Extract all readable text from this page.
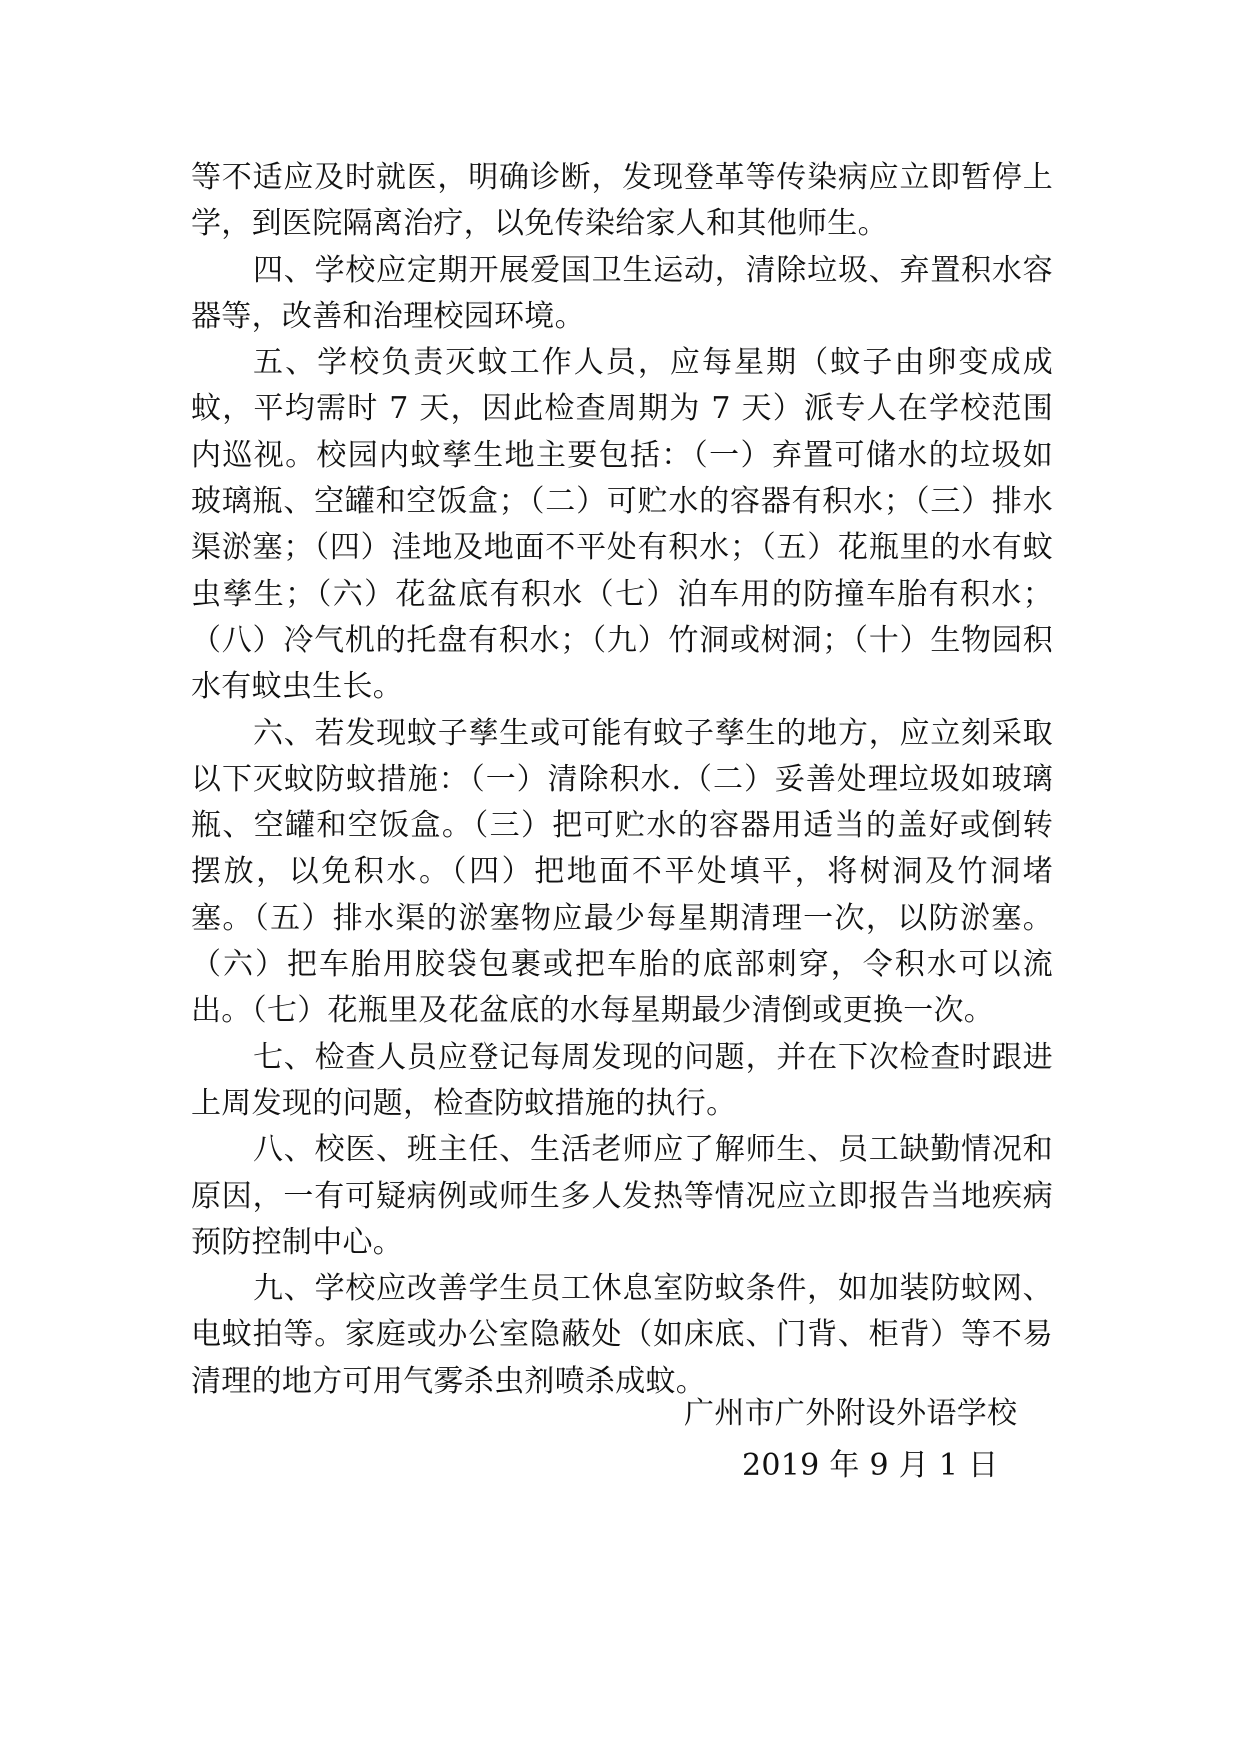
等不适应及时就医，明确诊断，发现登革等传染病应立即暂停上学，到医院隔离治疗，以免传染给家人和其他师生。

四、学校应定期开展爱国卫生运动，清除垃圾、弃置积水容器等，改善和治理校园环境。

五、学校负责灭蚊工作人员，应每星期（蚊子由卵变成成蚊，平均需时 7 天，因此检查周期为 7 天）派专人在学校范围内巡视。校园内蚊孳生地主要包括：（一）弃置可储水的垃圾如玻璃瓶、空罐和空饭盒；（二）可贮水的容器有积水；（三）排水渠淤塞；（四）洼地及地面不平处有积水；（五）花瓶里的水有蚊虫孳生；（六）花盆底有积水（七）泊车用的防撞车胎有积水；（八）冷气机的托盘有积水；（九）竹洞或树洞；（十）生物园积水有蚊虫生长。

六、若发现蚊子孳生或可能有蚊子孳生的地方，应立刻采取以下灭蚊防蚊措施：（一）清除积水.（二）妥善处理垃圾如玻璃瓶、空罐和空饭盒。（三）把可贮水的容器用适当的盖好或倒转摆放，以免积水。（四）把地面不平处填平，将树洞及竹洞堵塞。（五）排水渠的淤塞物应最少每星期清理一次，以防淤塞。（六）把车胎用胶袋包裹或把车胎的底部刺穿，令积水可以流出。（七）花瓶里及花盆底的水每星期最少清倒或更换一次。

七、检查人员应登记每周发现的问题，并在下次检查时跟进上周发现的问题，检查防蚊措施的执行。

八、校医、班主任、生活老师应了解师生、员工缺勤情况和原因，一有可疑病例或师生多人发热等情况应立即报告当地疾病预防控制中心。

九、学校应改善学生员工休息室防蚊条件，如加装防蚊网、电蚊拍等。家庭或办公室隐蔽处（如床底、门背、柜背）等不易清理的地方可用气雾杀虫剂喷杀成蚊。

广州市广外附设外语学校
2019 年 9 月 1 日
